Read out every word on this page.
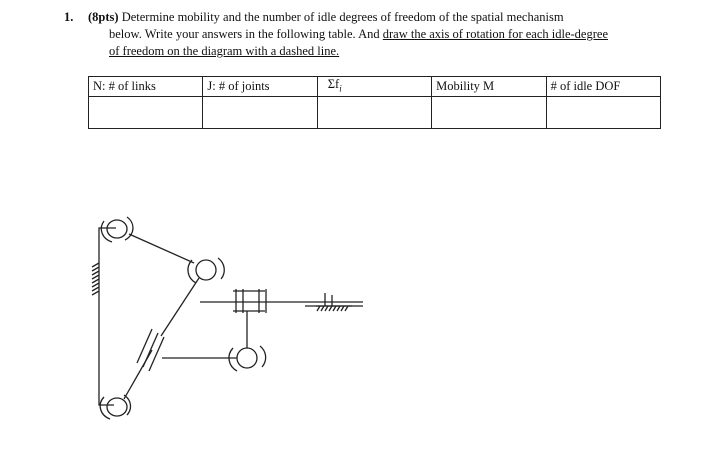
1. (8pts) Determine mobility and the number of idle degrees of freedom of the spatial mechanism
below. Write your answers in the following table. And draw the axis of rotation for each idle-degree
of freedom on the diagram with a dashed line.
N: # of links	J: # of joints	$\Sigma f_i$	Mobility M	# of idle DOF
